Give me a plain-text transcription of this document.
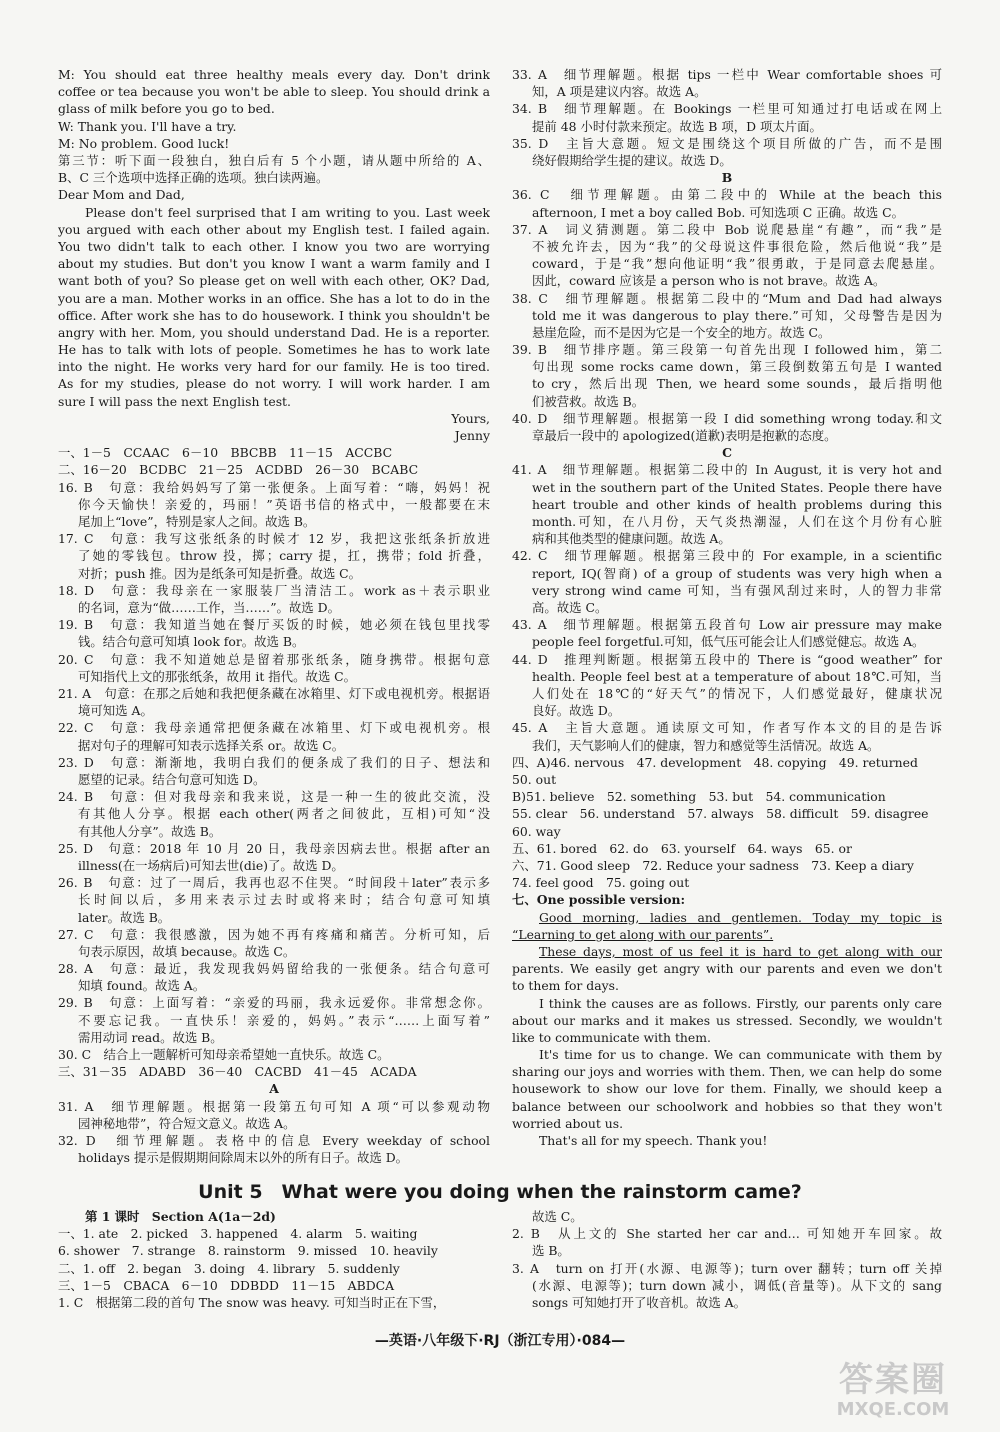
M: You should eat three healthy meals every day. Don't drink
coffee or tea because you won't be able to sleep. You should drink a
glass of milk before you go to bed.
W: Thank you. I'll have a try.
M: No problem. Good luck!
第三节：听下面一段独白，独白后有 5 个小题，请从题中所给的 A、
B、C 三个选项中选择正确的选项。独白读两遍。
Dear Mom and Dad,
Please don't feel surprised that I am writing to you. Last week
you argued with each other about my English test. I failed again.
You two didn't talk to each other. I know you two are worrying
about my studies. But don't you know I want a warm family and I
want both of you? So please get on well with each other, OK? Dad,
you are a man. Mother works in an office. She has a lot to do in the
office. After work she has to do housework. I think you shouldn't be
angry with her. Mom, you should understand Dad. He is a reporter.
He has to talk with lots of people. Sometimes he has to work late
into the night. He works very hard for our family. He is too tired.
As for my studies, please do not worry. I will work harder. I am
sure I will pass the next English test.
Yours,
Jenny
一、1－5　CCAAC　6－10　BBCBB　11－15　ACCBC
二、16－20　BCDBC　21－25　ACDBD　26－30　BCABC
16. B　句意：我给妈妈写了第一张便条。上面写着：“嗨，妈妈！祝
你今天愉快！亲爱的，玛丽！”英语书信的格式中，一般都要在末
尾加上“love”，特别是家人之间。故选 B。
17. C　句意：我写这张纸条的时候才 12 岁，我把这张纸条折放进
了她的零钱包。throw 投，掷；carry 提，扛，携带；fold 折叠，
对折；push 推。因为是纸条可知是折叠。故选 C。
18. D　句意：我母亲在一家服装厂当清洁工。work as＋表示职业
的名词，意为“做……工作，当……”。故选 D。
19. B　句意：我知道当她在餐厅买饭的时候，她必须在钱包里找零
钱。结合句意可知填 look for。故选 B。
20. C　句意：我不知道她总是留着那张纸条，随身携带。根据句意
可知指代上文的那张纸条，故用 it 指代。故选 C。
21. A　句意：在那之后她和我把便条藏在冰箱里、灯下或电视机旁。根据语
境可知选 A。
22. C　句意：我母亲通常把便条藏在冰箱里、灯下或电视机旁。根
据对句子的理解可知表示选择关系 or。故选 C。
23. D　句意：渐渐地，我明白我们的便条成了我们的日子、想法和
愿望的记录。结合句意可知选 D。
24. B　句意：但对我母亲和我来说，这是一种一生的彼此交流，没
有其他人分享。根据 each other(两者之间彼此，互相)可知“没
有其他人分享”。故选 B。
25. D　句意：2018 年 10 月 20 日，我母亲因病去世。根据 after an
illness(在一场病后)可知去世(die)了。故选 D。
26. B　句意：过了一周后，我再也忍不住哭。“时间段＋later”表示多
长时间以后，多用来表示过去时或将来时；结合句意可知填
later。故选 B。
27. C　句意：我很感激，因为她不再有疼痛和痛苦。分析可知，后
句表示原因，故填 because。故选 C。
28. A　句意：最近，我发现我妈妈留给我的一张便条。结合句意可
知填 found。故选 A。
29. B　句意：上面写着：“亲爱的玛丽，我永远爱你。非常想念你。
不要忘记我。一直快乐！亲爱的，妈妈。”表示“……上面写着”
需用动词 read。故选 B。
30. C　结合上一题解析可知母亲希望她一直快乐。故选 C。
三、31－35　ADABD　36－40　CACBD　41－45　ACADA
A
31. A　细节理解题。根据第一段第五句可知 A 项“可以参观动物
园神秘地带”，符合短文意义。故选 A。
32. D　细节理解题。表格中的信息 Every weekday of school
holidays 提示是假期期间除周末以外的所有日子。故选 D。
33. A　细节理解题。根据 tips 一栏中 Wear comfortable shoes 可
知，A 项是建议内容。故选 A。
34. B　细节理解题。在 Bookings 一栏里可知通过打电话或在网上
提前 48 小时付款来预定。故选 B 项，D 项太片面。
35. D　主旨大意题。短文是围绕这个项目所做的广告，而不是围
绕好假期给学生提的建议。故选 D。
B
36. C　细节理解题。由第二段中的 While at the beach this
afternoon, I met a boy called Bob. 可知选项 C 正确。故选 C。
37. A　词义猜测题。第二段中 Bob 说爬悬崖“有趣”，而“我”是
不被允许去，因为“我”的父母说这件事很危险，然后他说“我”是
coward，于是“我”想向他证明“我”很勇敢，于是同意去爬悬崖。
因此，coward 应该是 a person who is not brave。故选 A。
38. C　细节理解题。根据第二段中的“Mum and Dad had always
told me it was dangerous to play there.”可知，父母警告是因为
悬崖危险，而不是因为它是一个安全的地方。故选 C。
39. B　细节排序题。第三段第一句首先出现 I followed him，第二
句出现 some rocks came down，第三段倒数第五句是 I wanted
to cry，然后出现 Then, we heard some sounds，最后指明他
们被营救。故选 B。
40. D　细节理解题。根据第一段 I did something wrong today.和文
章最后一段中的 apologized(道歉)表明是抱歉的态度。
C
41. A　细节理解题。根据第二段中的 In August, it is very hot and
wet in the southern part of the United States. People there have
heart trouble and other kinds of health problems during this
month.可知，在八月份，天气炎热潮湿，人们在这个月份有心脏
病和其他类型的健康问题。故选 A。
42. C　细节理解题。根据第三段中的 For example, in a scientific
report, IQ(智商) of a group of students was very high when a
very strong wind came 可知，当有强风刮过来时，人的智力非常
高。故选 C。
43. A　细节理解题。根据第五段首句 Low air pressure may make
people feel forgetful.可知，低气压可能会让人们感觉健忘。故选 A。
44. D　推理判断题。根据第五段中的 There is “good weather” for
health. People feel best at a temperature of about 18℃.可知，当
人们处在 18℃的“好天气”的情况下，人们感觉最好，健康状况
良好。故选 D。
45. A　主旨大意题。通读原文可知，作者写作本文的目的是告诉
我们，天气影响人们的健康，智力和感觉等生活情况。故选 A。
四、A)46. nervous　47. development　48. copying　49. returned
50. out
B)51. believe　52. something　53. but　54. communication
55. clear　56. understand　57. always　58. difficult　59. disagree
60. way
五、61. bored　62. do　63. yourself　64. ways　65. or
六、71. Good sleep　72. Reduce your sadness　73. Keep a diary
74. feel good　75. going out
七、One possible version:
Good morning, ladies and gentlemen. Today my topic is
“Learning to get along with our parents”.
These days, most of us feel it is hard to get along with our
parents. We easily get angry with our parents and even we don't
to them for days.
I think the causes are as follows. Firstly, our parents only care
about our marks and it makes us stressed. Secondly, we wouldn't
like to communicate with them.
It's time for us to change. We can communicate with them by
sharing our joys and worries with them. Then, we can help do some
housework to show our love for them. Finally, we should keep a
balance between our schoolwork and hobbies so that they won't
worried about us.
That's all for my speech. Thank you!
Unit 5　What were you doing when the rainstorm came?
第 1 课时　Section A(1a－2d)
一、1. ate　2. picked　3. happened　4. alarm　5. waiting
6. shower　7. strange　8. rainstorm　9. missed　10. heavily
二、1. off　2. began　3. doing　4. library　5. suddenly
三、1－5　CBACA　6－10　DDBDD　11－15　ABDCA
1. C　根据第二段的首句 The snow was heavy. 可知当时正在下雪，
故选 C。
2. B　从上文的 She started her car and… 可知她开车回家。故
选 B。
3. A　turn on 打开(水源、电源等)；turn over 翻转；turn off 关掉
(水源、电源等)；turn down 减小，调低(音量等)。从下文的 sang
songs 可知她打开了收音机。故选 A。
—英语·八年级下·RJ（浙江专用）·084—
答案圈
MXQE.COM
